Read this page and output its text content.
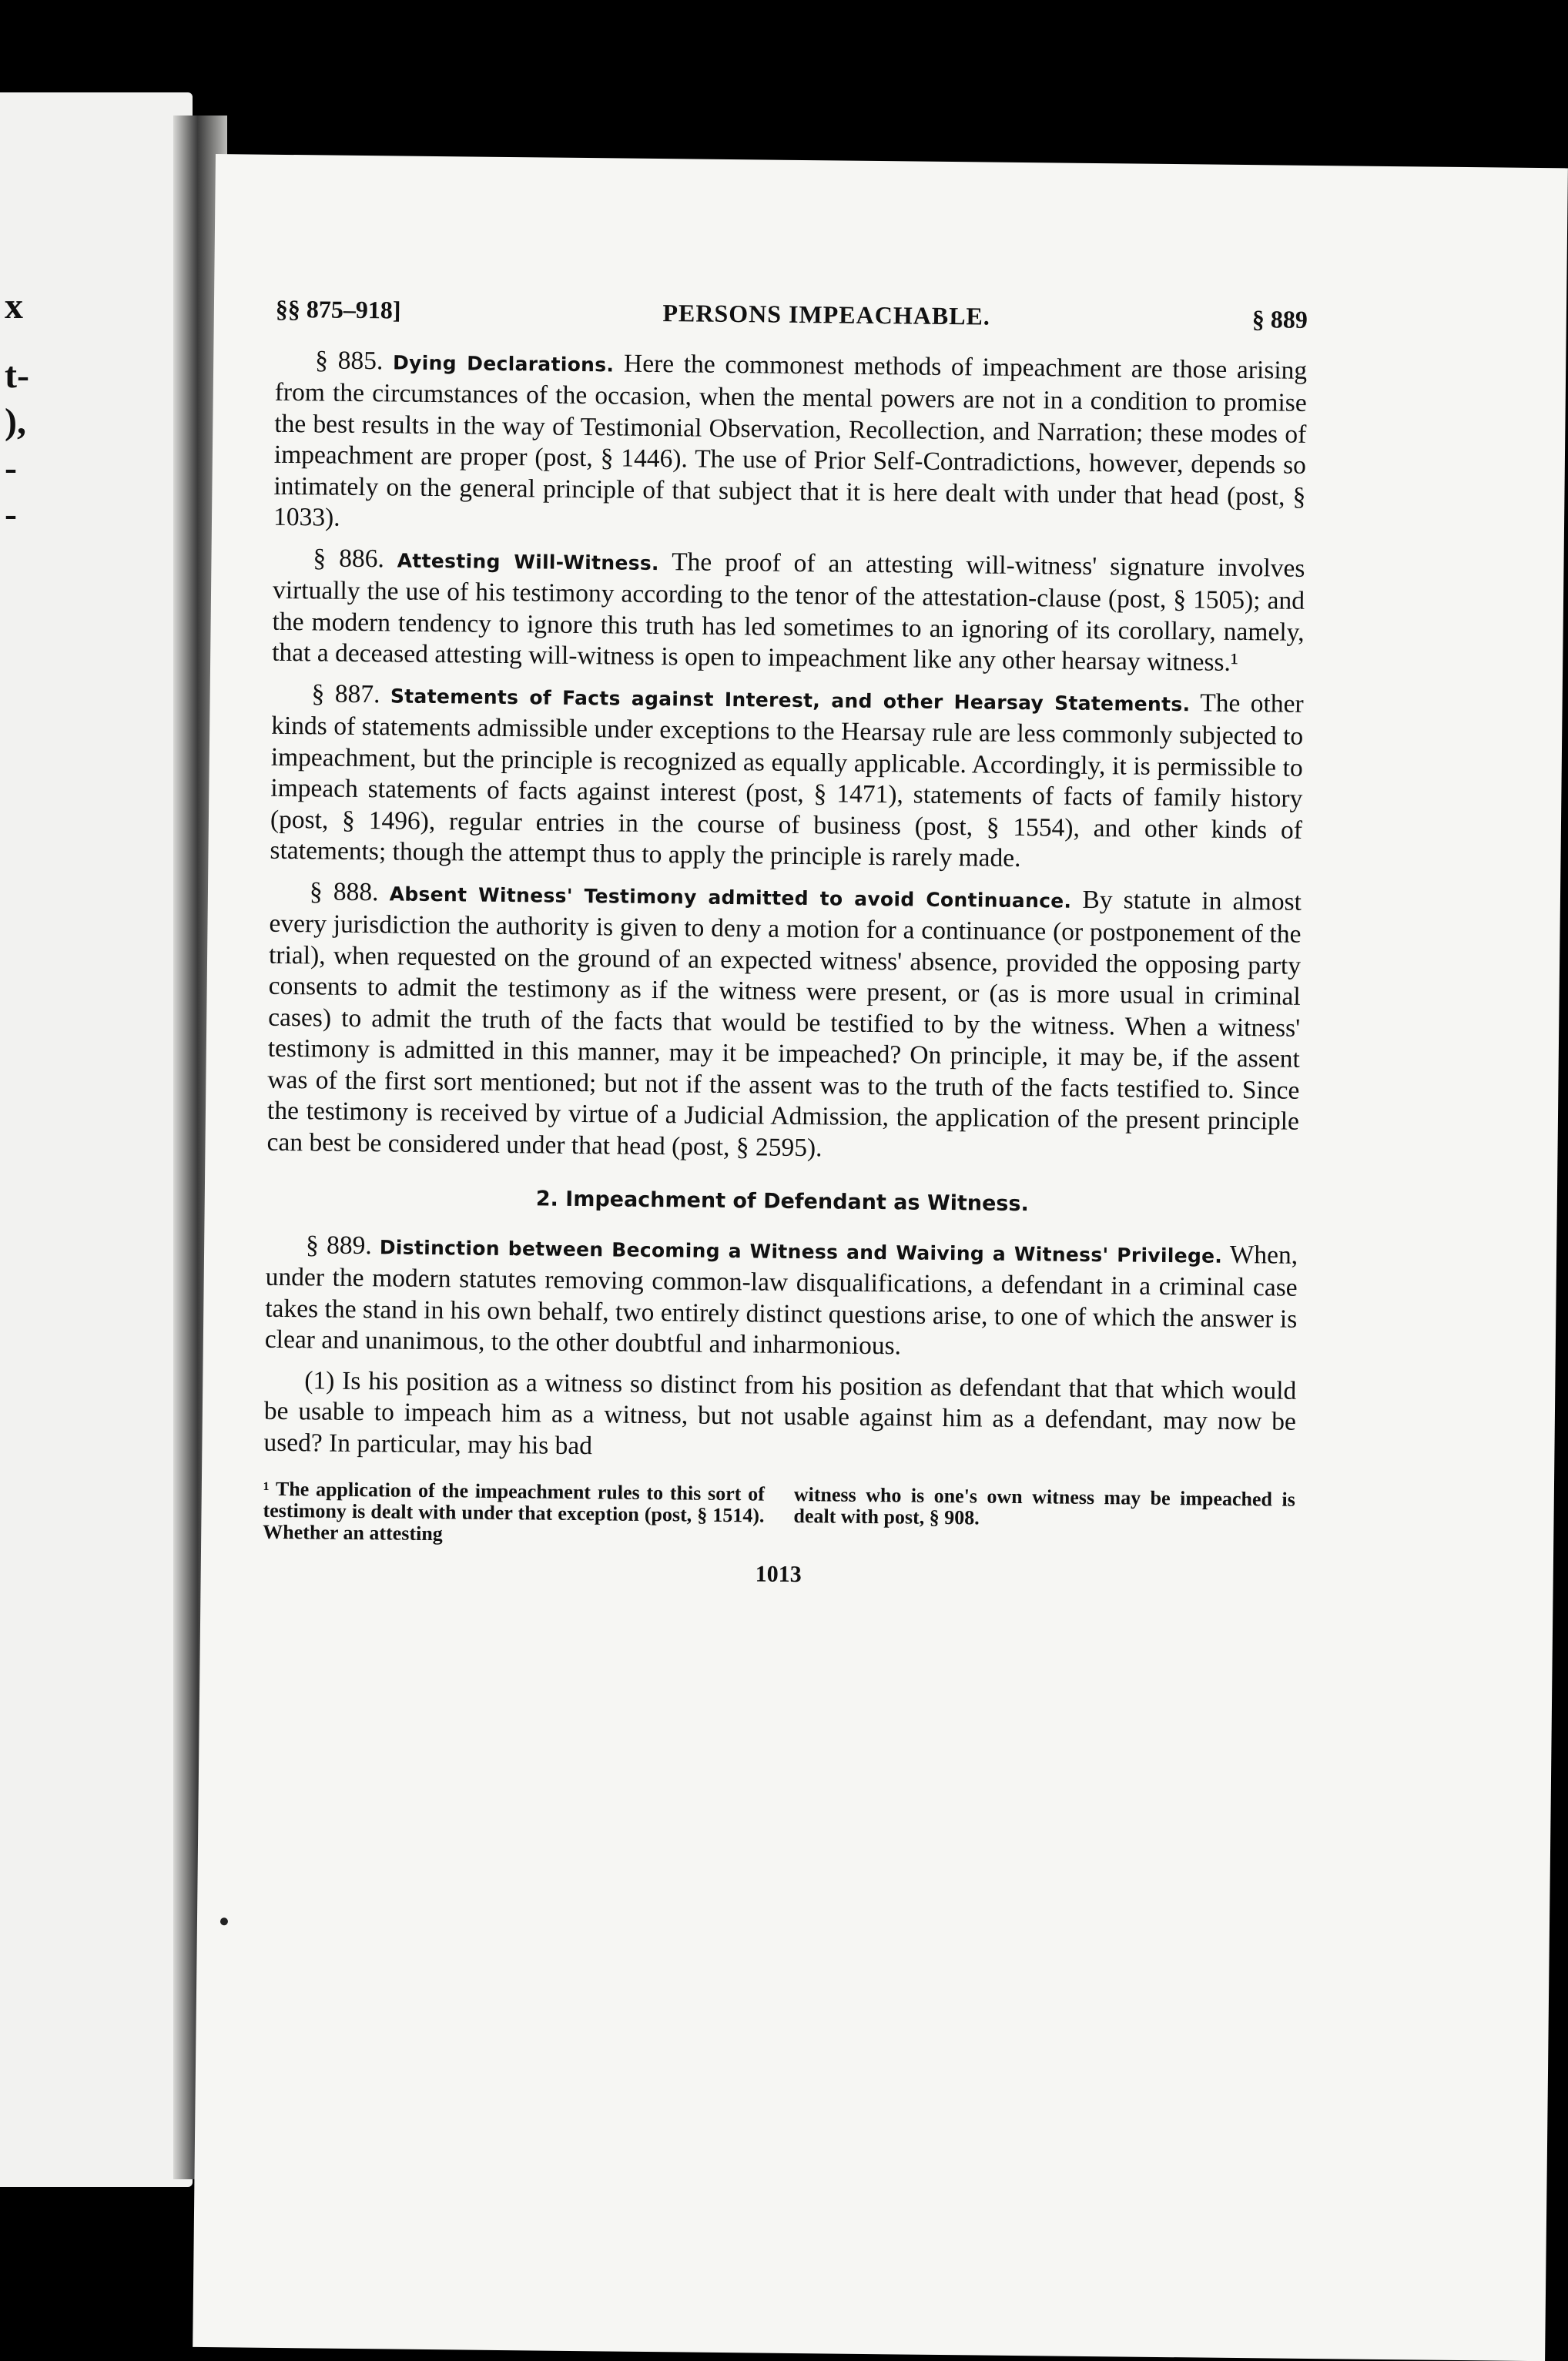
x
t-
),
-
-
§§ 875–918]	PERSONS IMPEACHABLE.	§ 889

§ 885. Dying Declarations. Here the commonest methods of impeachment are those arising from the circumstances of the occasion, when the mental powers are not in a condition to promise the best results in the way of Testimonial Observation, Recollection, and Narration; these modes of impeachment are proper (post, § 1446). The use of Prior Self-Contradictions, however, depends so intimately on the general principle of that subject that it is here dealt with under that head (post, § 1033).

§ 886. Attesting Will-Witness. The proof of an attesting will-witness' signature involves virtually the use of his testimony according to the tenor of the attestation-clause (post, § 1505); and the modern tendency to ignore this truth has led sometimes to an ignoring of its corollary, namely, that a deceased attesting will-witness is open to impeachment like any other hearsay witness.¹

§ 887. Statements of Facts against Interest, and other Hearsay Statements. The other kinds of statements admissible under exceptions to the Hearsay rule are less commonly subjected to impeachment, but the principle is recognized as equally applicable. Accordingly, it is permissible to impeach statements of facts against interest (post, § 1471), statements of facts of family history (post, § 1496), regular entries in the course of business (post, § 1554), and other kinds of statements; though the attempt thus to apply the principle is rarely made.

§ 888. Absent Witness' Testimony admitted to avoid Continuance. By statute in almost every jurisdiction the authority is given to deny a motion for a continuance (or postponement of the trial), when requested on the ground of an expected witness' absence, provided the opposing party consents to admit the testimony as if the witness were present, or (as is more usual in criminal cases) to admit the truth of the facts that would be testified to by the witness. When a witness' testimony is admitted in this manner, may it be impeached? On principle, it may be, if the assent was of the first sort mentioned; but not if the assent was to the truth of the facts testified to. Since the testimony is received by virtue of a Judicial Admission, the application of the present principle can best be considered under that head (post, § 2595).

2. Impeachment of Defendant as Witness.

§ 889. Distinction between Becoming a Witness and Waiving a Witness' Privilege. When, under the modern statutes removing common-law disqualifications, a defendant in a criminal case takes the stand in his own behalf, two entirely distinct questions arise, to one of which the answer is clear and unanimous, to the other doubtful and inharmonious.

(1) Is his position as a witness so distinct from his position as defendant that that which would be usable to impeach him as a witness, but not usable against him as a defendant, may now be used? In particular, may his bad

¹ The application of the impeachment rules to this sort of testimony is dealt with under that exception (post, § 1514). Whether an attesting
witness who is one's own witness may be impeached is dealt with post, § 908.
1013
